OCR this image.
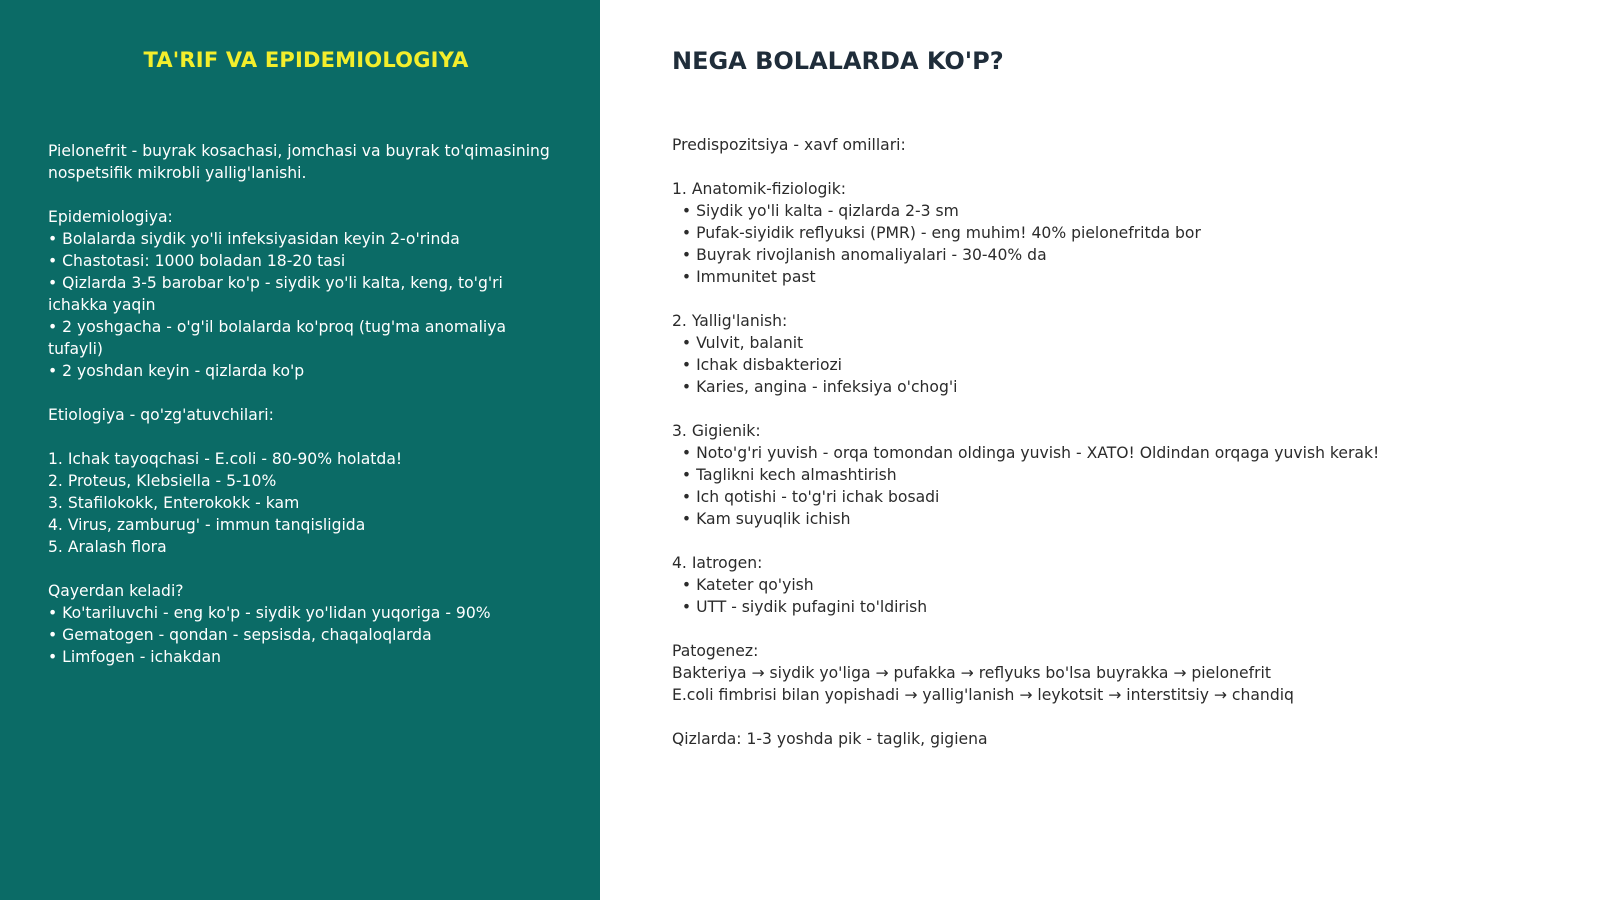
TA'RIF VA EPIDEMIOLOGIYA
Pielonefrit - buyrak kosachasi, jomchasi va buyrak to'qimasining nospetsifik mikrobli yallig'lanishi.
Epidemiologiya:
• Bolalarda siydik yo'li infeksiyasidan keyin 2-o'rinda
• Chastotasi: 1000 boladan 18-20 tasi
• Qizlarda 3-5 barobar ko'p - siydik yo'li kalta, keng, to'g'ri ichakka yaqin
• 2 yoshgacha - o'g'il bolalarda ko'proq (tug'ma anomaliya tufayli)
• 2 yoshdan keyin - qizlarda ko'p
Etiologiya - qo'zg'atuvchilari:
1. Ichak tayoqchasi - E.coli - 80-90% holatda!
2. Proteus, Klebsiella - 5-10%
3. Stafilokokk, Enterokokk - kam
4. Virus, zamburug' - immun tanqisligida
5. Aralash flora
Qayerdan keladi?
• Ko'tariluvchi - eng ko'p - siydik yo'lidan yuqoriga - 90%
• Gematogen - qondan - sepsisda, chaqaloqlarda
• Limfogen - ichakdan
NEGA BOLALARDA KO'P?
Predispozitsiya - xavf omillari:
1. Anatomik-fiziologik:
• Siydik yo'li kalta - qizlarda 2-3 sm
• Pufak-siyidik reflyuksi (PMR) - eng muhim! 40% pielonefritda bor
• Buyrak rivojlanish anomaliyalari - 30-40% da
• Immunitet past
2. Yallig'lanish:
• Vulvit, balanit
• Ichak disbakteriozi
• Karies, angina - infeksiya o'chog'i
3. Gigienik:
• Noto'g'ri yuvish - orqa tomondan oldinga yuvish - XATO! Oldindan orqaga yuvish kerak!
• Taglikni kech almashtirish
• Ich qotishi - to'g'ri ichak bosadi
• Kam suyuqlik ichish
4. Iatrogen:
• Kateter qo'yish
• UTT - siydik pufagini to'ldirish
Patogenez:
Bakteriya → siydik yo'liga → pufakka → reflyuks bo'lsa buyrakka → pielonefrit
E.coli fimbrisi bilan yopishadi → yallig'lanish → leykotsit → interstitsiy → chandiq
Qizlarda: 1-3 yoshda pik - taglik, gigiena
